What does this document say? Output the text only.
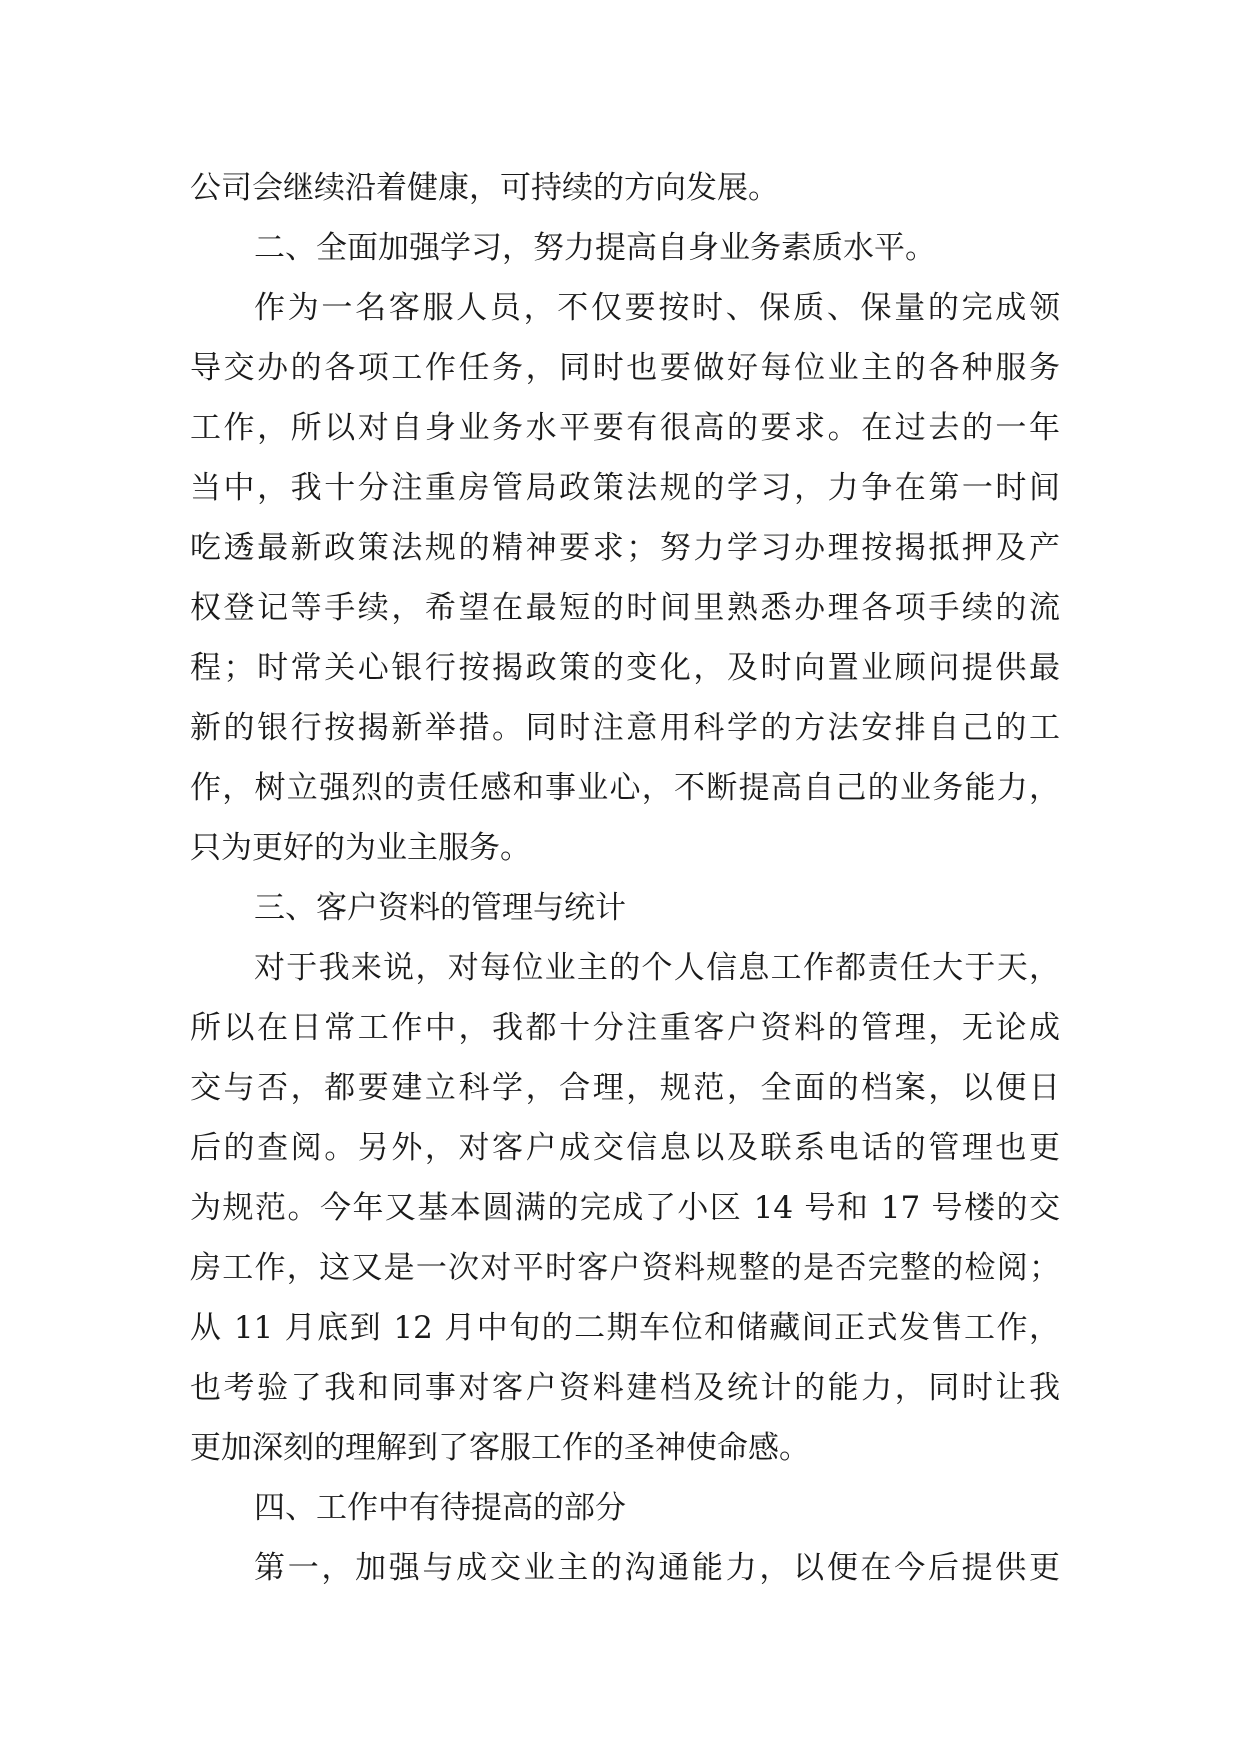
公司会继续沿着健康，可持续的方向发展。
二、全面加强学习，努力提高自身业务素质水平。
作为一名客服人员，不仅要按时、保质、保量的完成领
导交办的各项工作任务，同时也要做好每位业主的各种服务
工作，所以对自身业务水平要有很高的要求。在过去的一年
当中，我十分注重房管局政策法规的学习，力争在第一时间
吃透最新政策法规的精神要求；努力学习办理按揭抵押及产
权登记等手续，希望在最短的时间里熟悉办理各项手续的流
程；时常关心银行按揭政策的变化，及时向置业顾问提供最
新的银行按揭新举措。同时注意用科学的方法安排自己的工
作，树立强烈的责任感和事业心，不断提高自己的业务能力，
只为更好的为业主服务。
三、客户资料的管理与统计
对于我来说，对每位业主的个人信息工作都责任大于天，
所以在日常工作中，我都十分注重客户资料的管理，无论成
交与否，都要建立科学，合理，规范，全面的档案，以便日
后的查阅。另外，对客户成交信息以及联系电话的管理也更
为规范。今年又基本圆满的完成了小区 14 号和 17 号楼的交
房工作，这又是一次对平时客户资料规整的是否完整的检阅；
从 11 月底到 12 月中旬的二期车位和储藏间正式发售工作，
也考验了我和同事对客户资料建档及统计的能力，同时让我
更加深刻的理解到了客服工作的圣神使命感。
四、工作中有待提高的部分
第一，加强与成交业主的沟通能力，以便在今后提供更
